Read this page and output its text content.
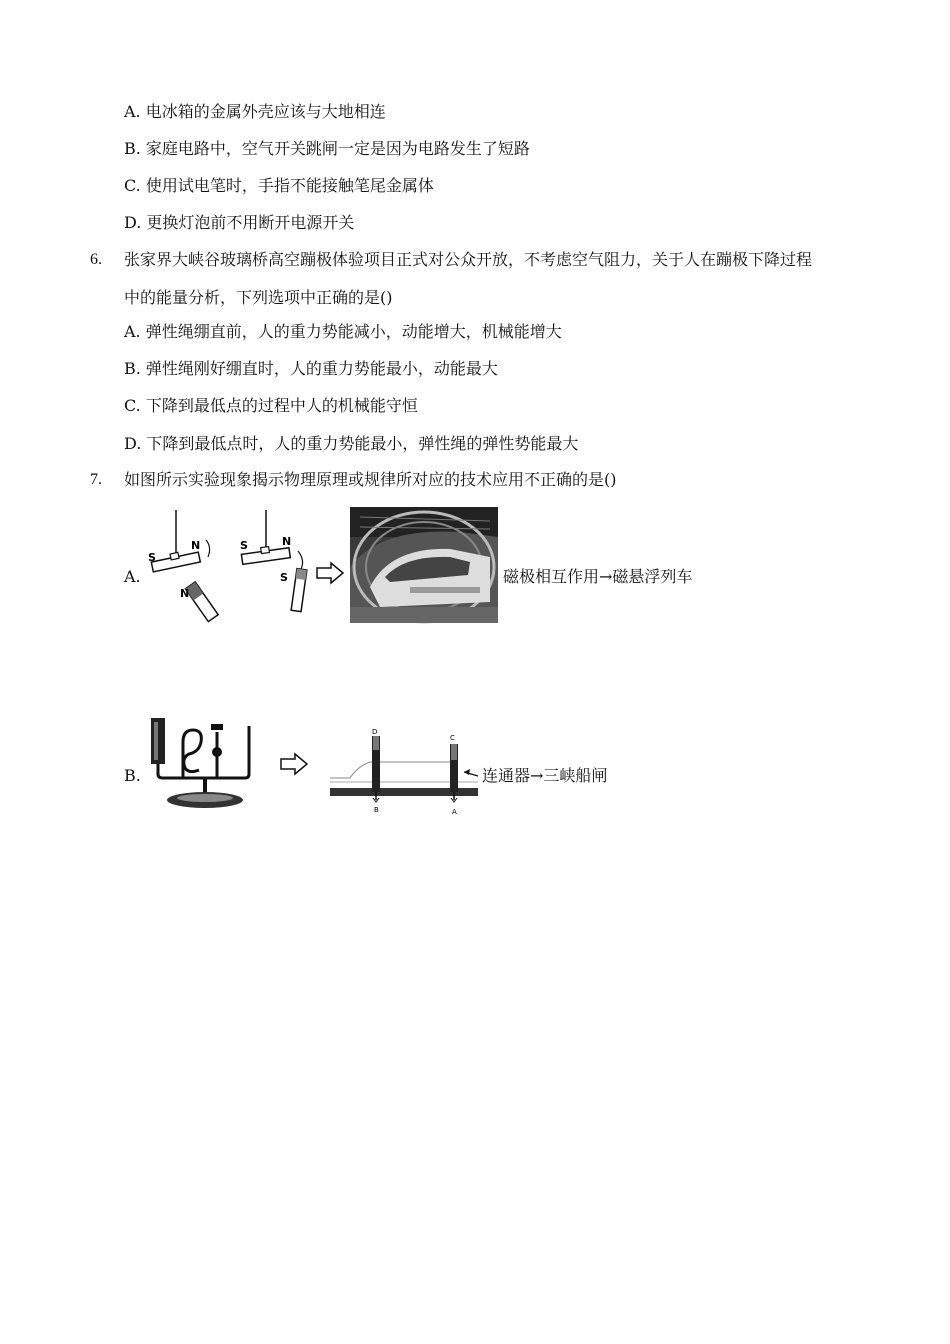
A. 电冰箱的金属外壳应该与大地相连
B. 家庭电路中，空气开关跳闸一定是因为电路发生了短路
C. 使用试电笔时，手指不能接触笔尾金属体
D. 更换灯泡前不用断开电源开关
6. 张家界大峡谷玻璃桥高空蹦极体验项目正式对公众开放，不考虑空气阻力，关于人在蹦极下降过程
中的能量分析，下列选项中正确的是()
A. 弹性绳绷直前，人的重力势能减小，动能增大，机械能增大
B. 弹性绳刚好绷直时，人的重力势能最小，动能最大
C. 下降到最低点的过程中人的机械能守恒
D. 下降到最低点时，人的重力势能最小，弹性绳的弹性势能最大
7. 如图所示实验现象揭示物理原理或规律所对应的技术应用不正确的是()
A.
S
N
N
S	N
S	磁极相互作用→磁悬浮列车
B.
D
B
C
A
连通器→三峡船闸
